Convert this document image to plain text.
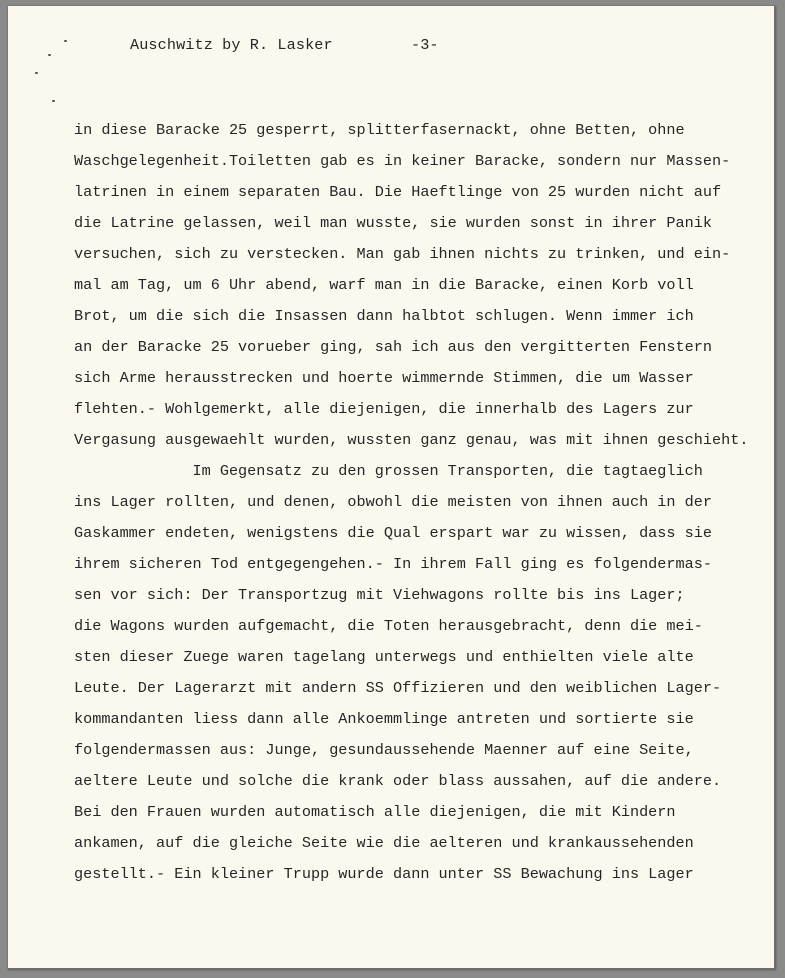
Auschwitz by R. Lasker	-3-
in diese Baracke 25 gesperrt, splitterfasernackt, ohne Betten, ohne
Waschgelegenheit.Toiletten gab es in keiner Baracke, sondern nur Massen-
latrinen in einem separaten Bau. Die Haeftlinge von 25 wurden nicht auf
die Latrine gelassen, weil man wusste, sie wurden sonst in ihrer Panik
versuchen, sich zu verstecken. Man gab ihnen nichts zu trinken, und ein-
mal am Tag, um 6 Uhr abend, warf man in die Baracke, einen Korb voll
Brot, um die sich die Insassen dann halbtot schlugen. Wenn immer ich
an der Baracke 25 vorueber ging, sah ich aus den vergitterten Fenstern
sich Arme herausstrecken und hoerte wimmernde Stimmen, die um Wasser
flehten.- Wohlgemerkt, alle diejenigen, die innerhalb des Lagers zur
Vergasung ausgewaehlt wurden, wussten ganz genau, was mit ihnen geschieht.
Im Gegensatz zu den grossen Transporten, die tagtaeglich
ins Lager rollten, und denen, obwohl die meisten von ihnen auch in der
Gaskammer endeten, wenigstens die Qual erspart war zu wissen, dass sie
ihrem sicheren Tod entgegengehen.- In ihrem Fall ging es folgendermas-
sen vor sich: Der Transportzug mit Viehwagons rollte bis ins Lager;
die Wagons wurden aufgemacht, die Toten herausgebracht, denn die mei-
sten dieser Zuege waren tagelang unterwegs und enthielten viele alte
Leute. Der Lagerarzt mit andern SS Offizieren und den weiblichen Lager-
kommandanten liess dann alle Ankoemmlinge antreten und sortierte sie
folgendermassen aus: Junge, gesundaussehende Maenner auf eine Seite,
aeltere Leute und solche die krank oder blass aussahen, auf die andere.
Bei den Frauen wurden automatisch alle diejenigen, die mit Kindern
ankamen, auf die gleiche Seite wie die aelteren und krankaussehenden
gestellt.- Ein kleiner Trupp wurde dann unter SS Bewachung ins Lager
